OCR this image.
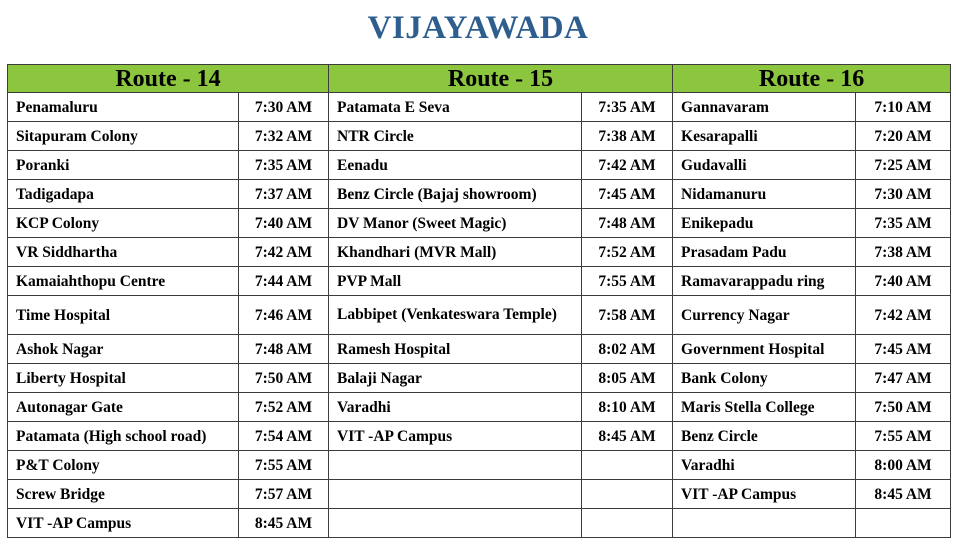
VIJAYAWADA
Route - 14		Route - 15		Route - 16	
Penamaluru	7:30 AM	Patamata E Seva	7:35 AM	Gannavaram	7:10 AM
Sitapuram Colony	7:32 AM	NTR Circle	7:38 AM	Kesarapalli	7:20 AM
Poranki	7:35 AM	Eenadu	7:42 AM	Gudavalli	7:25 AM
Tadigadapa	7:37 AM	Benz Circle (Bajaj showroom)	7:45 AM	Nidamanuru	7:30 AM
KCP Colony	7:40 AM	DV Manor (Sweet Magic)	7:48 AM	Enikepadu	7:35 AM
VR Siddhartha	7:42 AM	Khandhari (MVR Mall)	7:52 AM	Prasadam Padu	7:38 AM
Kamaiahthopu Centre	7:44 AM	PVP Mall	7:55 AM	Ramavarappadu ring	7:40 AM
Time Hospital	7:46 AM	Labbipet (Venkateswara Temple)	7:58 AM	Currency Nagar	7:42 AM
Ashok Nagar	7:48 AM	Ramesh Hospital	8:02 AM	Government Hospital	7:45 AM
Liberty Hospital	7:50 AM	Balaji Nagar	8:05 AM	Bank Colony	7:47 AM
Autonagar Gate	7:52 AM	Varadhi	8:10 AM	Maris Stella College	7:50 AM
Patamata (High school road)	7:54 AM	VIT -AP Campus	8:45 AM	Benz Circle	7:55 AM
P&T Colony	7:55 AM			Varadhi	8:00 AM
Screw Bridge	7:57 AM			VIT -AP Campus	8:45 AM
VIT -AP Campus	8:45 AM				
